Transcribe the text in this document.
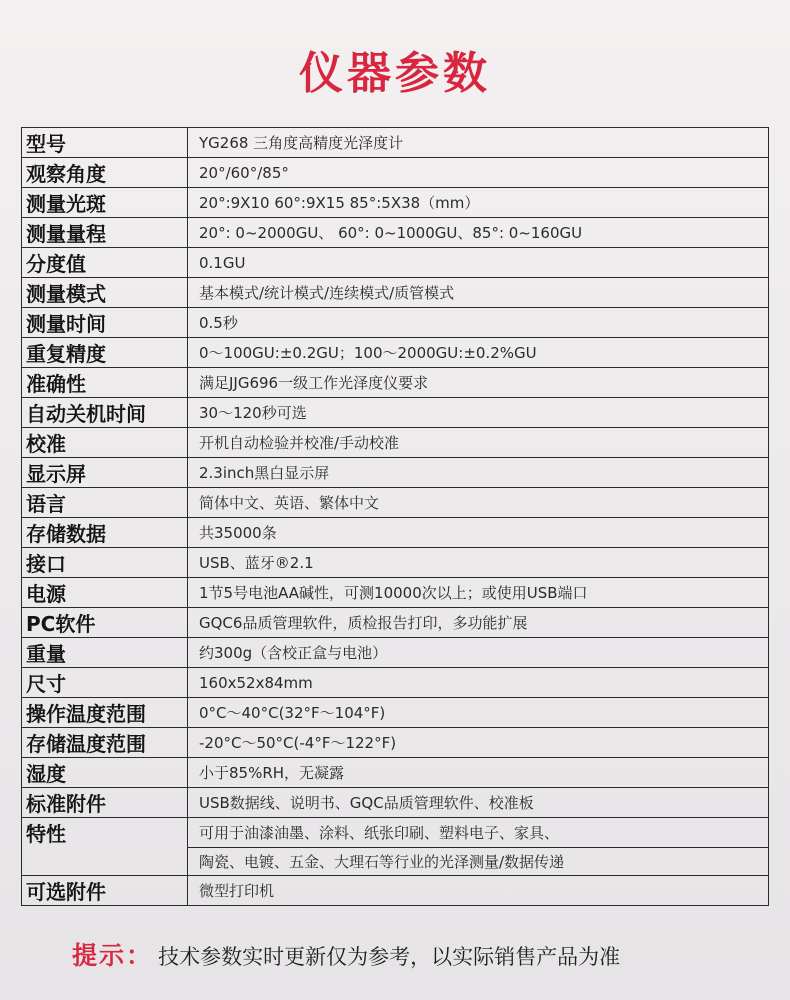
仪器参数
型号	YG268 三角度高精度光泽度计
观察角度	20°/60°/85°
测量光斑	20°:9X10 60°:9X15 85°:5X38（mm）
测量量程	20°: 0~2000GU、 60°: 0~1000GU、85°: 0~160GU
分度值	0.1GU
测量模式	基本模式/统计模式/连续模式/质管模式
测量时间	0.5秒
重复精度	0～100GU:±0.2GU；100～2000GU:±0.2%GU
准确性	满足JJG696一级工作光泽度仪要求
自动关机时间	30～120秒可选
校准	开机自动检验并校准/手动校准
显示屏	2.3inch黑白显示屏
语言	简体中文、英语、繁体中文
存储数据	共35000条
接口	USB、蓝牙®2.1
电源	1节5号电池AA碱性，可测10000次以上；或使用USB端口
PC软件	GQC6品质管理软件，质检报告打印，多功能扩展
重量	约300g（含校正盒与电池）
尺寸	160x52x84mm
操作温度范围	0°C～40°C(32°F～104°F)
存储温度范围	-20°C～50°C(-4°F～122°F)
湿度	小于85%RH，无凝露
标准附件	USB数据线、说明书、GQC品质管理软件、校准板
特性	可用于油漆油墨、涂料、纸张印刷、塑料电子、家具、
	陶瓷、电镀、五金、大理石等行业的光泽测量/数据传递
可选附件	微型打印机
提示： 技术参数实时更新仅为参考，以实际销售产品为准
